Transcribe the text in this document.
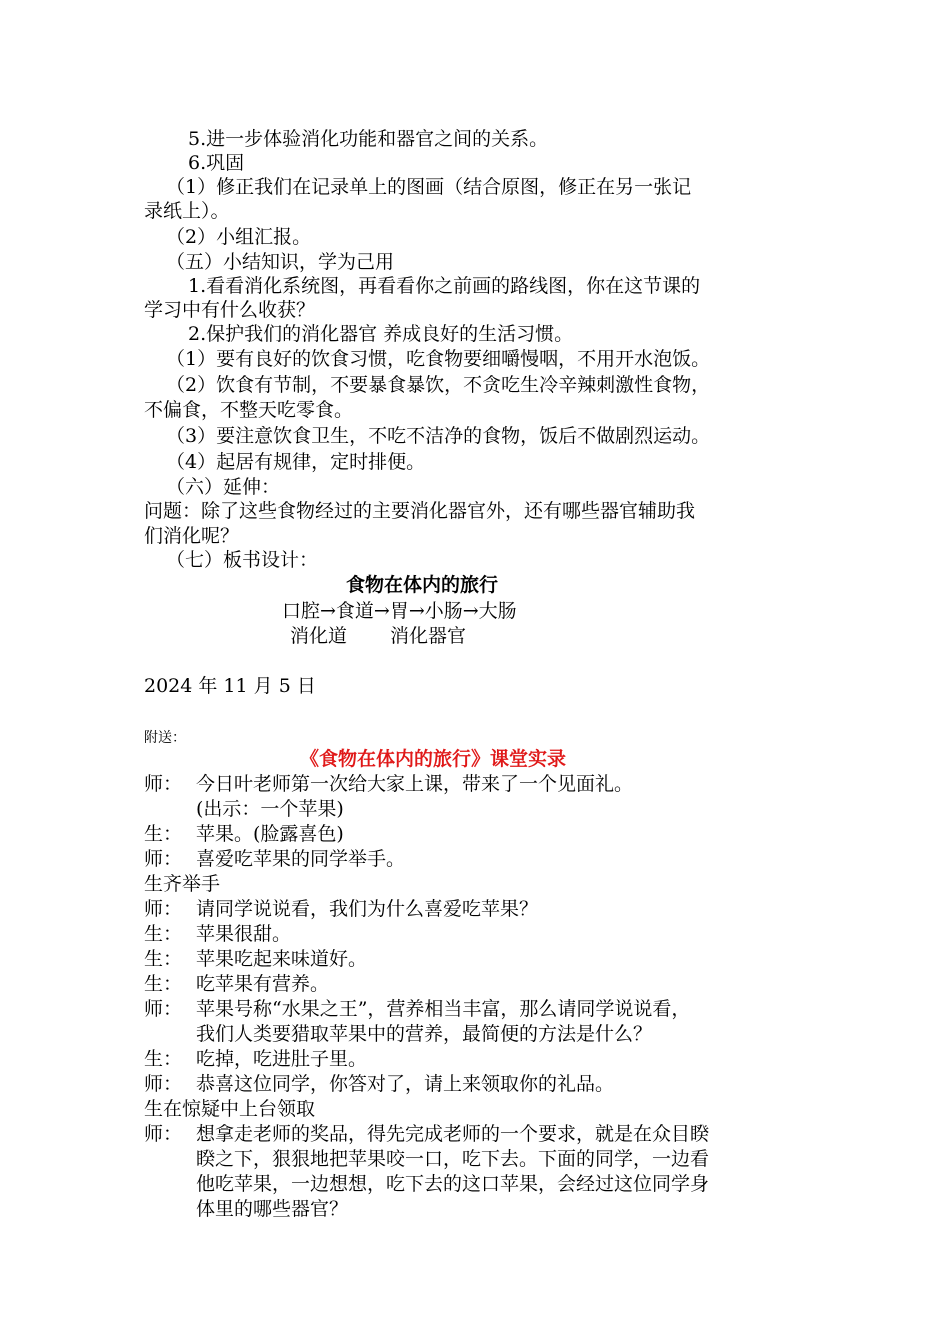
5.进一步体验消化功能和器官之间的关系。
6.巩固
（1）修正我们在记录单上的图画（结合原图，修正在另一张记
录纸上）。
（2）小组汇报。
（五）小结知识，学为己用
1.看看消化系统图，再看看你之前画的路线图，你在这节课的
学习中有什么收获？
2.保护我们的消化器官 养成良好的生活习惯。
（1）要有良好的饮食习惯，吃食物要细嚼慢咽，不用开水泡饭。
（2）饮食有节制，不要暴食暴饮，不贪吃生冷辛辣刺激性食物，
不偏食，不整天吃零食。
（3）要注意饮食卫生，不吃不洁净的食物，饭后不做剧烈运动。
（4）起居有规律，定时排便。
（六）延伸：
问题：除了这些食物经过的主要消化器官外，还有哪些器官辅助我
们消化呢？
（七）板书设计：
食物在体内的旅行
口腔→食道→胃→小肠→大肠
消化道 消化器官
2024 年 11 月 5 日
附送：
《食物在体内的旅行》课堂实录
师： 今日叶老师第一次给大家上课，带来了一个见面礼。
(出示：一个苹果)
生： 苹果。(脸露喜色)
师： 喜爱吃苹果的同学举手。
生齐举手
师： 请同学说说看，我们为什么喜爱吃苹果？
生： 苹果很甜。
生： 苹果吃起来味道好。
生： 吃苹果有营养。
师： 苹果号称“水果之王”，营养相当丰富，那么请同学说说看，
我们人类要猎取苹果中的营养，最简便的方法是什么？
生： 吃掉，吃进肚子里。
师： 恭喜这位同学，你答对了，请上来领取你的礼品。
生在惊疑中上台领取
师： 想拿走老师的奖品，得先完成老师的一个要求，就是在众目睽
睽之下，狠狠地把苹果咬一口，吃下去。下面的同学，一边看
他吃苹果，一边想想，吃下去的这口苹果，会经过这位同学身
体里的哪些器官？
